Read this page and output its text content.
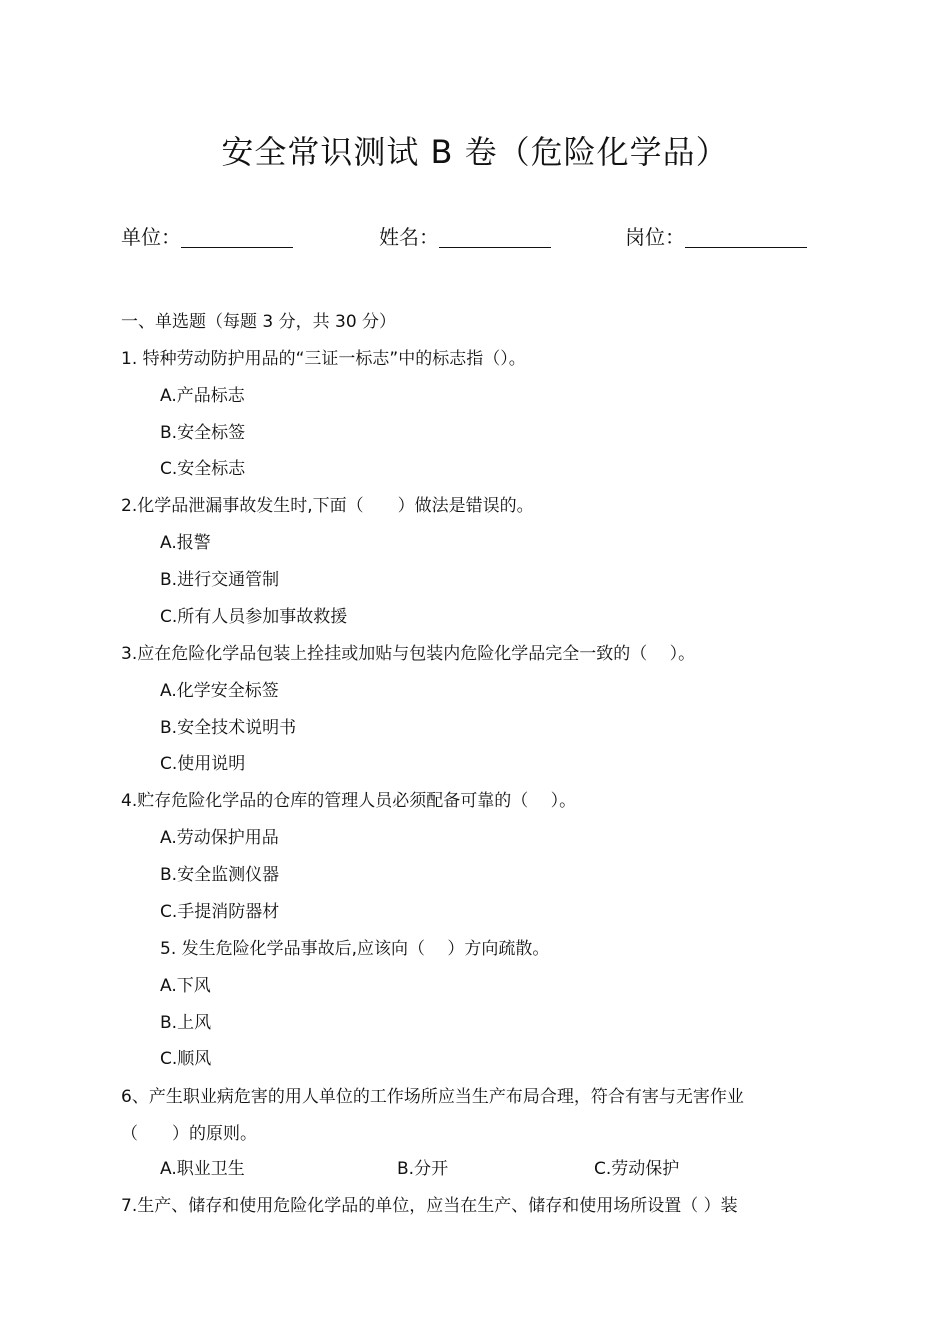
安全常识测试 B 卷（危险化学品）
单位：	姓名：	岗位：
一、单选题（每题 3 分，共 30 分）
1. 特种劳动防护用品的“三证一标志”中的标志指（）。
A.产品标志
B.安全标签
C.安全标志
2.化学品泄漏事故发生时,下面（　　）做法是错误的。
A.报警
B.进行交通管制
C.所有人员参加事故救援
3.应在危险化学品包装上拴挂或加贴与包装内危险化学品完全一致的（　 ）。
A.化学安全标签
B.安全技术说明书
C.使用说明
4.贮存危险化学品的仓库的管理人员必须配备可靠的（　 ）。
A.劳动保护用品
B.安全监测仪器
C.手提消防器材
5. 发生危险化学品事故后,应该向（　 ）方向疏散。
A.下风
B.上风
C.顺风
6、产生职业病危害的用人单位的工作场所应当生产布局合理，符合有害与无害作业
（　　）的原则。
A.职业卫生	B.分开	C.劳动保护
7.生产、储存和使用危险化学品的单位，应当在生产、储存和使用场所设置（ ）装
